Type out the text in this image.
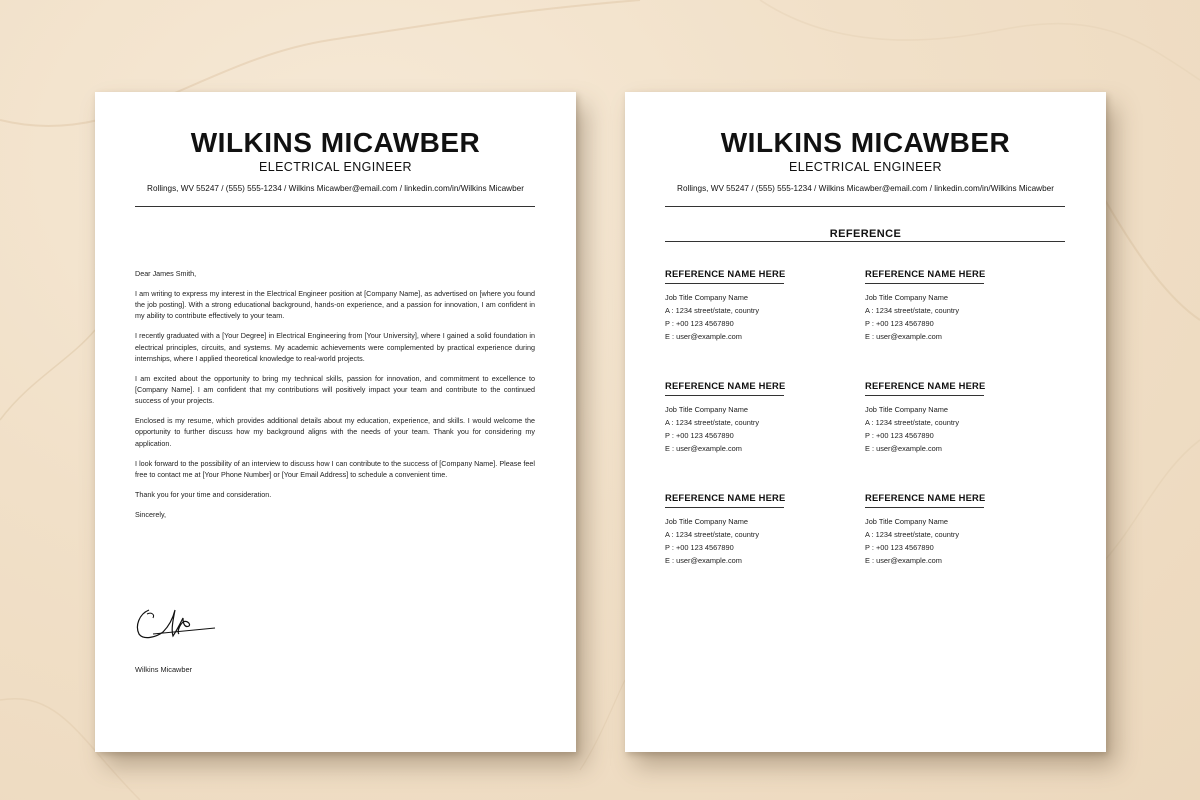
WILKINS MICAWBER
ELECTRICAL ENGINEER
Rollings, WV 55247 / (555) 555-1234 / Wilkins Micawber@email.com / linkedin.com/in/Wilkins Micawber

Dear James Smith,

I am writing to express my interest in the Electrical Engineer position at [Company Name], as advertised on [where you found the job posting]. With a strong educational background, hands-on experience, and a passion for innovation, I am confident in my ability to contribute effectively to your team.

I recently graduated with a [Your Degree] in Electrical Engineering from [Your University], where I gained a solid foundation in electrical principles, circuits, and systems. My academic achievements were complemented by practical experience during internships, where I applied theoretical knowledge to real-world projects.

I am excited about the opportunity to bring my technical skills, passion for innovation, and commitment to excellence to [Company Name]. I am confident that my contributions will positively impact your team and contribute to the continued success of your projects.

Enclosed is my resume, which provides additional details about my education, experience, and skills. I would welcome the opportunity to further discuss how my background aligns with the needs of your team. Thank you for considering my application.

I look forward to the possibility of an interview to discuss how I can contribute to the success of [Company Name]. Please feel free to contact me at [Your Phone Number] or [Your Email Address] to schedule a convenient time.

Thank you for your time and consideration.

Sincerely,

Wilkins Micawber
WILKINS MICAWBER
ELECTRICAL ENGINEER
Rollings, WV 55247 / (555) 555-1234 / Wilkins Micawber@email.com / linkedin.com/in/Wilkins Micawber
REFERENCE
REFERENCE NAME HERE
Job Title Company Name
A : 1234 street/state, country
P : +00 123 4567890
E : user@example.com
REFERENCE NAME HERE
Job Title Company Name
A : 1234 street/state, country
P : +00 123 4567890
E : user@example.com
REFERENCE NAME HERE
Job Title Company Name
A : 1234 street/state, country
P : +00 123 4567890
E : user@example.com
REFERENCE NAME HERE
Job Title Company Name
A : 1234 street/state, country
P : +00 123 4567890
E : user@example.com
REFERENCE NAME HERE
Job Title Company Name
A : 1234 street/state, country
P : +00 123 4567890
E : user@example.com
REFERENCE NAME HERE
Job Title Company Name
A : 1234 street/state, country
P : +00 123 4567890
E : user@example.com
